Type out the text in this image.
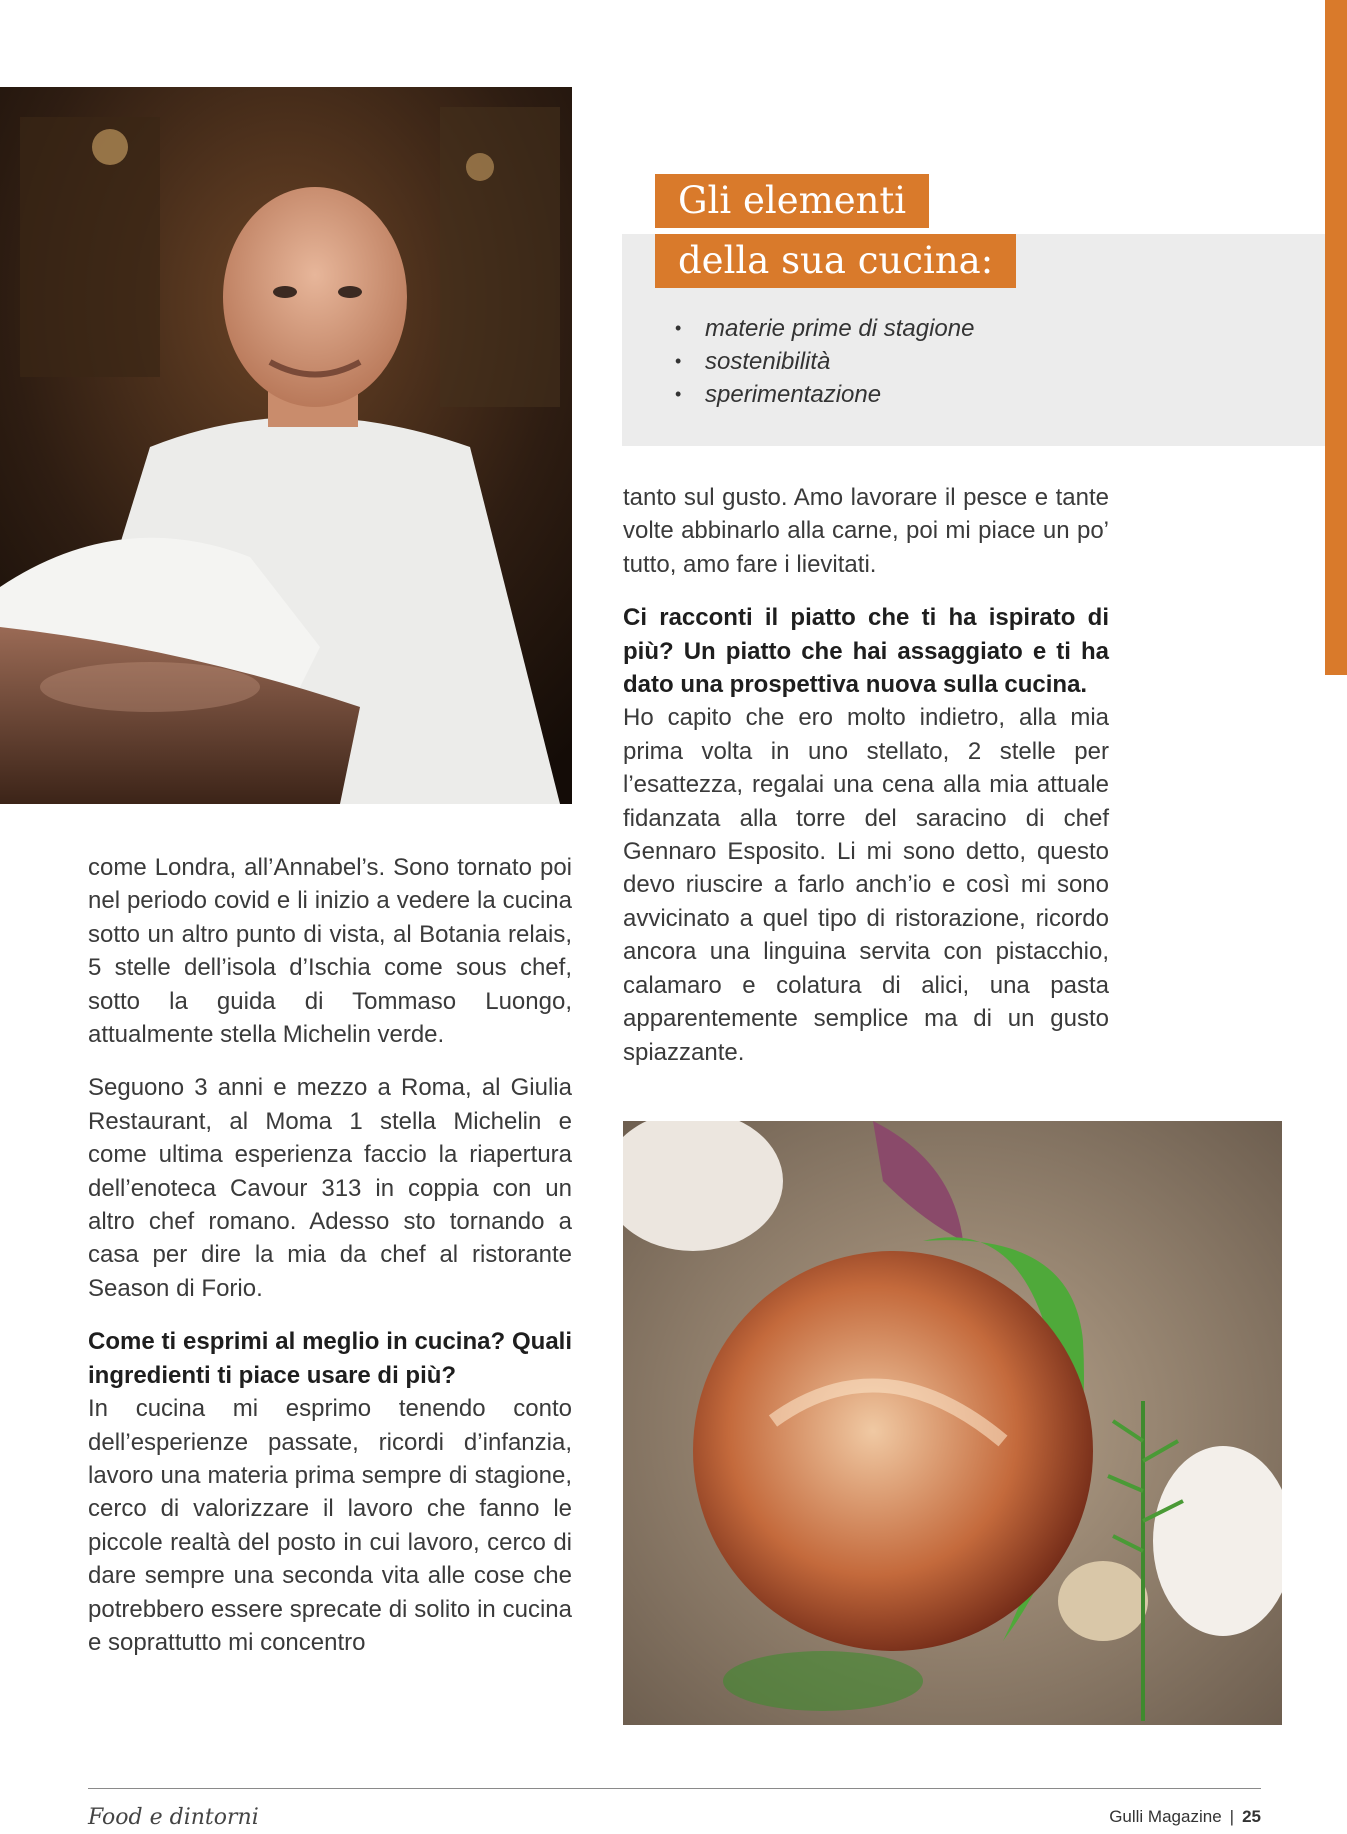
Gli elementi
della sua cucina:
• materie prime di stagione
• sostenibilità
• sperimentazione

tanto sul gusto. Amo lavorare il pesce e tante volte abbinarlo alla carne, poi mi piace un po’ tutto, amo fare i lievitati.

Ci racconti il piatto che ti ha ispirato di più? Un piatto che hai assaggiato e ti ha dato una prospettiva nuova sulla cucina.

Ho capito che ero molto indietro, alla mia prima volta in uno stellato, 2 stelle per l’esattezza, regalai una cena alla mia attuale fidanzata alla torre del saracino di chef Gennaro Esposito. Li mi sono detto, questo devo riuscire a farlo anch’io e così mi sono avvicinato a quel tipo di ristorazione, ricordo ancora una linguina servita con pistacchio, calamaro e colatura di alici, una pasta apparentemente semplice ma di un gusto spiazzante.

come Londra, all’Annabel’s. Sono tornato poi nel periodo covid e li inizio a vedere la cucina sotto un altro punto di vista, al Botania relais, 5 stelle dell’isola d’Ischia come sous chef, sotto la guida di Tommaso Luongo, attualmente stella Michelin verde.

Seguono 3 anni e mezzo a Roma, al Giulia Restaurant, al Moma 1 stella Michelin e come ultima esperienza faccio la riapertura dell’enoteca Cavour 313 in coppia con un altro chef romano. Adesso sto tornando a casa per dire la mia da chef al ristorante Season di Forio.

Come ti esprimi al meglio in cucina? Quali ingredienti ti piace usare di più?

In cucina mi esprimo tenendo conto dell’esperienze passate, ricordi d’infanzia, lavoro una materia prima sempre di stagione, cerco di valorizzare il lavoro che fanno le piccole realtà del posto in cui lavoro, cerco di dare sempre una seconda vita alle cose che potrebbero essere sprecate di solito in cucina e soprattutto mi concentro

Food e dintorni	Gulli Magazine | 25
